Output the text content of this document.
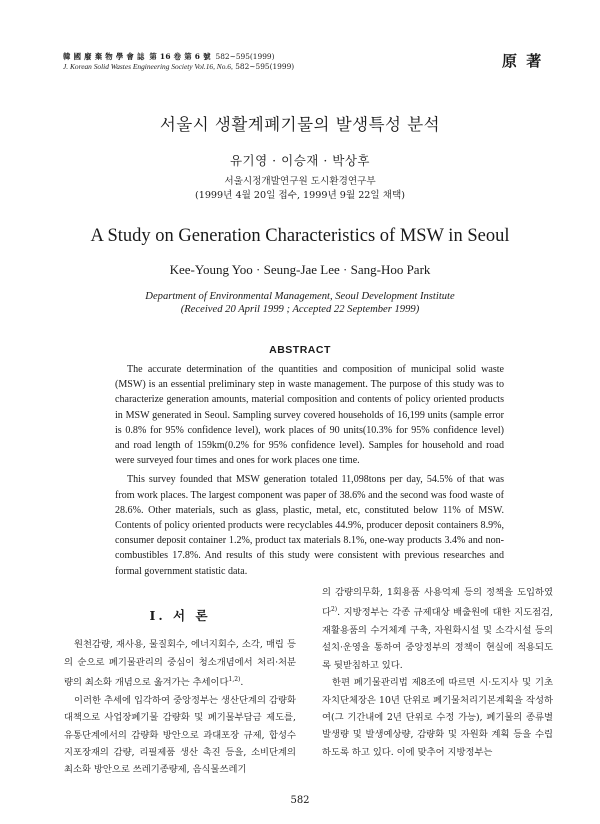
韓 國 廢 棄 物 學 會 誌 第 16 卷 第 6 號 582~595(1999)
J. Korean Solid Wastes Engineering Society Vol.16, No.6, 582~595(1999)	原 著
서울시 생활계폐기물의 발생특성 분석
유기영 · 이승재 · 박상후
서울시정개발연구원 도시환경연구부
(1999년 4월 20일 접수, 1999년 9월 22일 채택)
A Study on Generation Characteristics of MSW in Seoul
Kee-Young Yoo · Seung-Jae Lee · Sang-Hoo Park
Department of Environmental Management, Seoul Development Institute
(Received 20 April 1999 ; Accepted 22 September 1999)
ABSTRACT

The accurate determination of the quantities and composition of municipal solid waste (MSW) is an essential preliminary step in waste management. The purpose of this study was to characterize generation amounts, material composition and contents of policy oriented products in MSW generated in Seoul. Sampling survey covered households of 16,199 units (sample error is 0.8% for 95% confidence level), work places of 90 units(10.3% for 95% confidence level) and road length of 159km(0.2% for 95% confidence level). Samples for household and road were surveyed four times and ones for work places one time.

This survey founded that MSW generation totaled 11,098tons per day, 54.5% of that was from work places. The largest component was paper of 38.6% and the second was food waste of 28.6%. Other materials, such as glass, plastic, metal, etc, constituted below 11% of MSW. Contents of policy oriented products were recyclables 44.9%, producer deposit containers 8.9%, consumer deposit container 1.2%, product tax materials 8.1%, one-way products 3.4% and non-combustibles 17.8%. And results of this study were consistent with previous researches and formal government statistic data.

Ⅰ. 서 론

원천감량, 재사용, 물질회수, 에너지회수, 소각, 매립 등의 순으로 폐기물관리의 중심이 청소개념에서 처리·처분량의 최소화 개념으로 옮겨가는 추세이다$^{1,2)}$.

이러한 추세에 입각하여 중앙정부는 생산단계의 감량화 대책으로 사업장폐기물 감량화 및 폐기물부담금 제도를, 유통단계에서의 감량화 방안으로 과대포장 규제, 합성수지포장재의 감량, 리필제품 생산 촉진 등을, 소비단계의 최소화 방안으로 쓰레기종량제, 음식물쓰레기

의 감량의무화, 1회용품 사용억제 등의 정책을 도입하였다$^{2)}$. 지방정부는 각종 규제대상 배출원에 대한 지도점검, 재활용품의 수거체계 구축, 자원화시설 및 소각시설 등의 설치·운영을 통하여 중앙정부의 정책이 현실에 적용되도록 뒷받침하고 있다.

한편 폐기물관리법 제8조에 따르면 시·도지사 및 기초자치단체장은 10년 단위로 폐기물처리기본계획을 작성하여(그 기간내에 2년 단위로 수정 가능), 폐기물의 종류별 발생량 및 발생예상량, 감량화 및 자원화 계획 등을 수립하도록 하고 있다. 이에 맞추어 지방정부는

582
